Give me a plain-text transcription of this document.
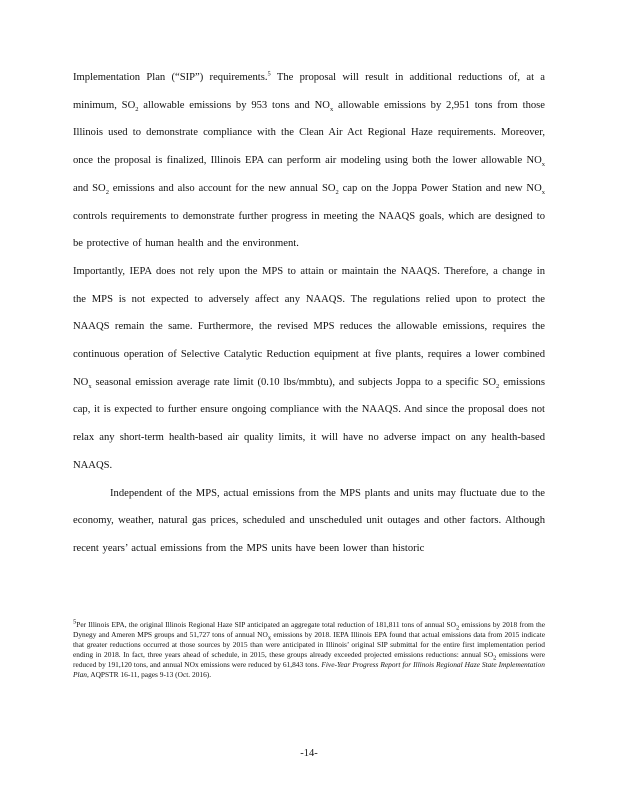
Implementation Plan (“SIP”) requirements.$^5$ The proposal will result in additional reductions of, at a minimum, $SO_2$ allowable emissions by 953 tons and $NO_x$ allowable emissions by 2,951 tons from those Illinois used to demonstrate compliance with the Clean Air Act Regional Haze requirements. Moreover, once the proposal is finalized, Illinois EPA can perform air modeling using both the lower allowable $NO_x$ and $SO_2$ emissions and also account for the new annual $SO_2$ cap on the Joppa Power Station and new $NO_x$ controls requirements to demonstrate further progress in meeting the NAAQS goals, which are designed to be protective of human health and the environment.

Importantly, IEPA does not rely upon the MPS to attain or maintain the NAAQS. Therefore, a change in the MPS is not expected to adversely affect any NAAQS. The regulations relied upon to protect the NAAQS remain the same. Furthermore, the revised MPS reduces the allowable emissions, requires the continuous operation of Selective Catalytic Reduction equipment at five plants, requires a lower combined $NO_x$ seasonal emission average rate limit (0.10 lbs/mmbtu), and subjects Joppa to a specific $SO_2$ emissions cap, it is expected to further ensure ongoing compliance with the NAAQS. And since the proposal does not relax any short-term health-based air quality limits, it will have no adverse impact on any health-based NAAQS.

Independent of the MPS, actual emissions from the MPS plants and units may fluctuate due to the economy, weather, natural gas prices, scheduled and unscheduled unit outages and other factors. Although recent years’ actual emissions from the MPS units have been lower than historic

5Per Illinois EPA, the original Illinois Regional Haze SIP anticipated an aggregate total reduction of 181,811 tons of annual SO2 emissions by 2018 from the Dynegy and Ameren MPS groups and 51,727 tons of annual NOx emissions by 2018. IEPA Illinois EPA found that actual emissions data from 2015 indicate that greater reductions occurred at those sources by 2015 than were anticipated in Illinois’ original SIP submittal for the entire first implementation period ending in 2018. In fact, three years ahead of schedule, in 2015, these groups already exceeded projected emissions reductions: annual SO2 emissions were reduced by 191,120 tons, and annual NOx emissions were reduced by 61,843 tons. Five-Year Progress Report for Illinois Regional Haze State Implementation Plan, AQPSTR 16-11, pages 9-13 (Oct. 2016).

-14-
